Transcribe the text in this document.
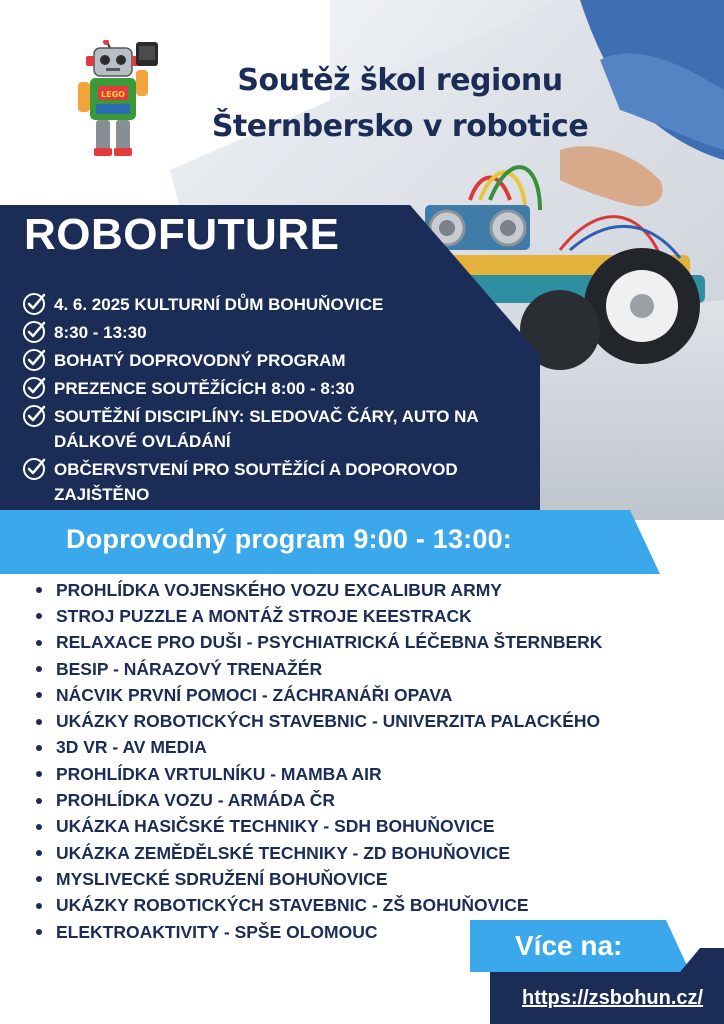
LEGO	Soutěž škol regionu
Šternbersko v robotice
ROBOFUTURE
4. 6. 2025 KULTURNÍ DŮM BOHUŇOVICE
8:30 - 13:30
BOHATÝ DOPROVODNÝ PROGRAM
PREZENCE SOUTĚŽÍCÍCH 8:00 - 8:30
SOUTĚŽNÍ DISCIPLÍNY: SLEDOVAČ ČÁRY, AUTO NA DÁLKOVÉ OVLÁDÁNÍ
OBČERVSTVENÍ PRO SOUTĚŽÍCÍ A DOPOROVOD ZAJIŠTĚNO
Doprovodný program 9:00 - 13:00:
PROHLÍDKA VOJENSKÉHO VOZU EXCALIBUR ARMY
STROJ PUZZLE A MONTÁŽ STROJE KEESTRACK
RELAXACE PRO DUŠI - PSYCHIATRICKÁ LÉČEBNA ŠTERNBERK
BESIP - NÁRAZOVÝ TRENAŽÉR
NÁCVIK PRVNÍ POMOCI - ZÁCHRANÁŘI OPAVA
UKÁZKY ROBOTICKÝCH STAVEBNIC - UNIVERZITA PALACKÉHO
3D VR - AV MEDIA
PROHLÍDKA VRTULNÍKU - MAMBA AIR
PROHLÍDKA VOZU - ARMÁDA ČR
UKÁZKA HASIČSKÉ TECHNIKY - SDH BOHUŇOVICE
UKÁZKA ZEMĚDĚLSKÉ TECHNIKY - ZD BOHUŇOVICE
MYSLIVECKÉ SDRUŽENÍ BOHUŇOVICE
UKÁZKY ROBOTICKÝCH STAVEBNIC - ZŠ BOHUŇOVICE
ELEKTROAKTIVITY - SPŠE OLOMOUC	Více na:
https://zsbohun.cz/
